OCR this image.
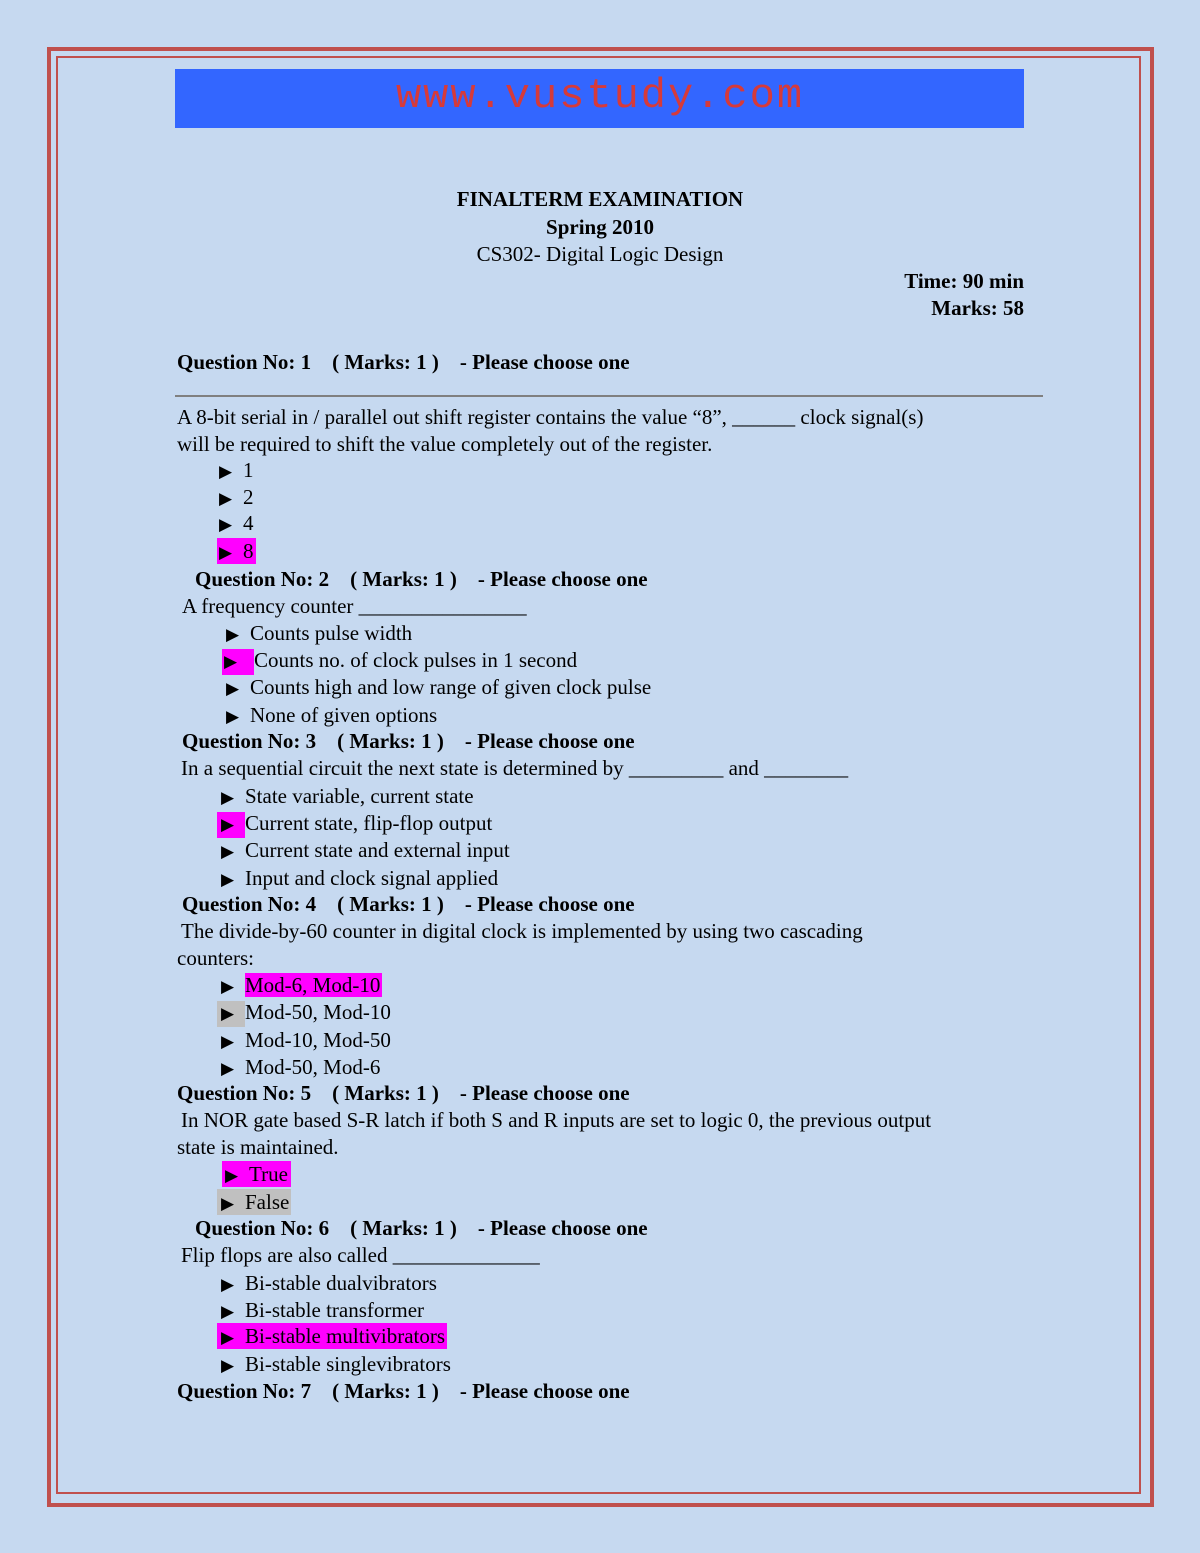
www.vustudy.com
FINALTERM EXAMINATION
Spring 2010
CS302- Digital Logic Design
Time: 90 min
Marks: 58
Question No: 1    ( Marks: 1 )    - Please choose one
A 8-bit serial in / parallel out shift register contains the value “8”, ______ clock signal(s)
will be required to shift the value completely out of the register.
▶ 1
▶ 2
▶ 4
▶ 8
Question No: 2    ( Marks: 1 )    - Please choose one
A frequency counter ________________
▶ Counts pulse width
▶ Counts no. of clock pulses in 1 second
▶ Counts high and low range of given clock pulse
▶ None of given options
Question No: 3    ( Marks: 1 )    - Please choose one
In a sequential circuit the next state is determined by _________ and ________
▶ State variable, current state
▶ Current state, flip-flop output
▶ Current state and external input
▶ Input and clock signal applied
Question No: 4    ( Marks: 1 )    - Please choose one
The divide-by-60 counter in digital clock is implemented by using two cascading
counters:
▶ Mod-6, Mod-10
▶ Mod-50, Mod-10
▶ Mod-10, Mod-50
▶ Mod-50, Mod-6
Question No: 5    ( Marks: 1 )    - Please choose one
In NOR gate based S-R latch if both S and R inputs are set to logic 0, the previous output
state is maintained.
▶ True
▶ False
Question No: 6    ( Marks: 1 )    - Please choose one
Flip flops are also called ______________
▶ Bi-stable dualvibrators
▶ Bi-stable transformer
▶ Bi-stable multivibrators
▶ Bi-stable singlevibrators
Question No: 7    ( Marks: 1 )    - Please choose one
